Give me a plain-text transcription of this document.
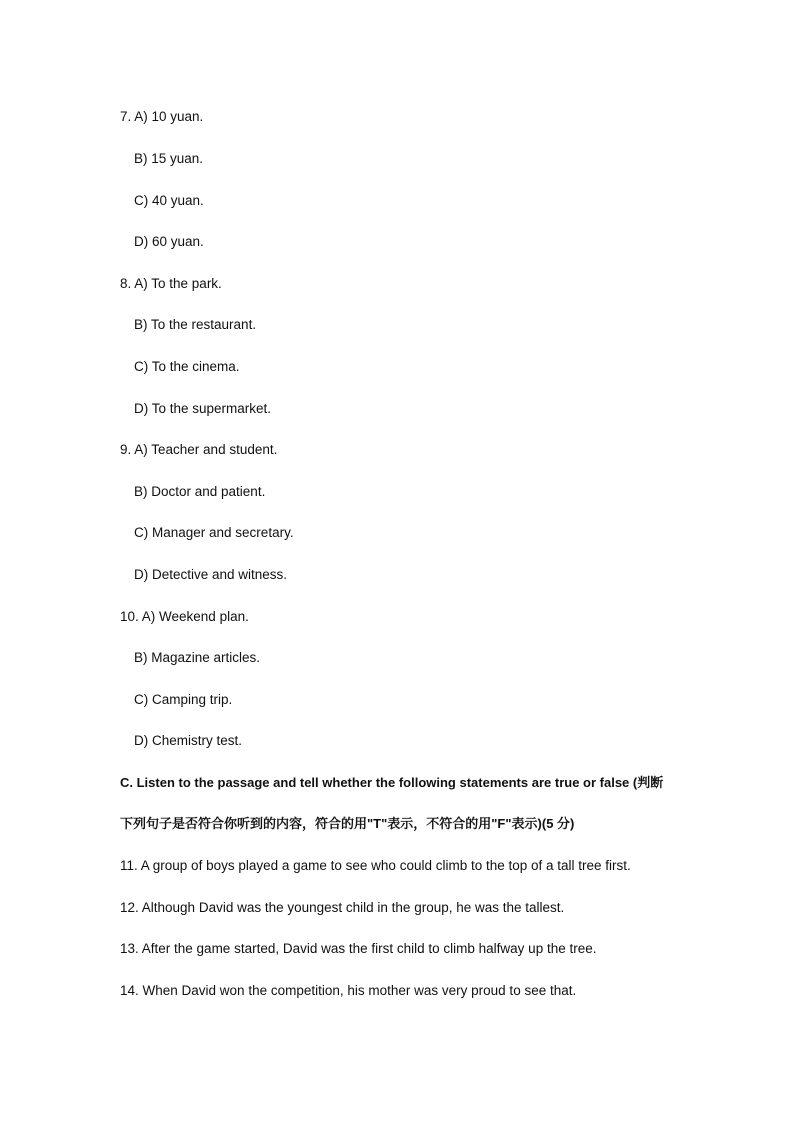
7. A) 10 yuan.
B) 15 yuan.
C) 40 yuan.
D) 60 yuan.
8. A) To the park.
B) To the restaurant.
C) To the cinema.
D) To the supermarket.
9. A) Teacher and student.
B) Doctor and patient.
C) Manager and secretary.
D) Detective and witness.
10. A) Weekend plan.
B) Magazine articles.
C) Camping trip.
D) Chemistry test.
C. Listen to the passage and tell whether the following statements are true or false (判断
下列句子是否符合你听到的内容，符合的用"T"表示，不符合的用"F"表示)(5 分)
11. A group of boys played a game to see who could climb to the top of a tall tree first.
12. Although David was the youngest child in the group, he was the tallest.
13. After the game started, David was the first child to climb halfway up the tree.
14. When David won the competition, his mother was very proud to see that.
